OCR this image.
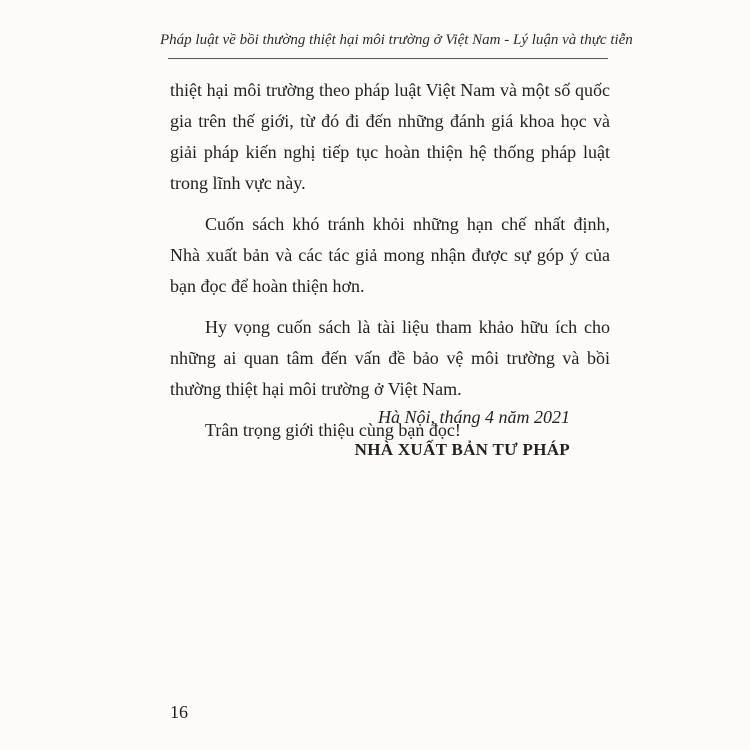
Pháp luật về bồi thường thiệt hại môi trường ở Việt Nam - Lý luận và thực tiễn

thiệt hại môi trường theo pháp luật Việt Nam và một số quốc gia trên thế giới, từ đó đi đến những đánh giá khoa học và giải pháp kiến nghị tiếp tục hoàn thiện hệ thống pháp luật trong lĩnh vực này.

Cuốn sách khó tránh khỏi những hạn chế nhất định, Nhà xuất bản và các tác giả mong nhận được sự góp ý của bạn đọc để hoàn thiện hơn.

Hy vọng cuốn sách là tài liệu tham khảo hữu ích cho những ai quan tâm đến vấn đề bảo vệ môi trường và bồi thường thiệt hại môi trường ở Việt Nam.

Trân trọng giới thiệu cùng bạn đọc!

Hà Nội, tháng 4 năm 2021
NHÀ XUẤT BẢN TƯ PHÁP
16
